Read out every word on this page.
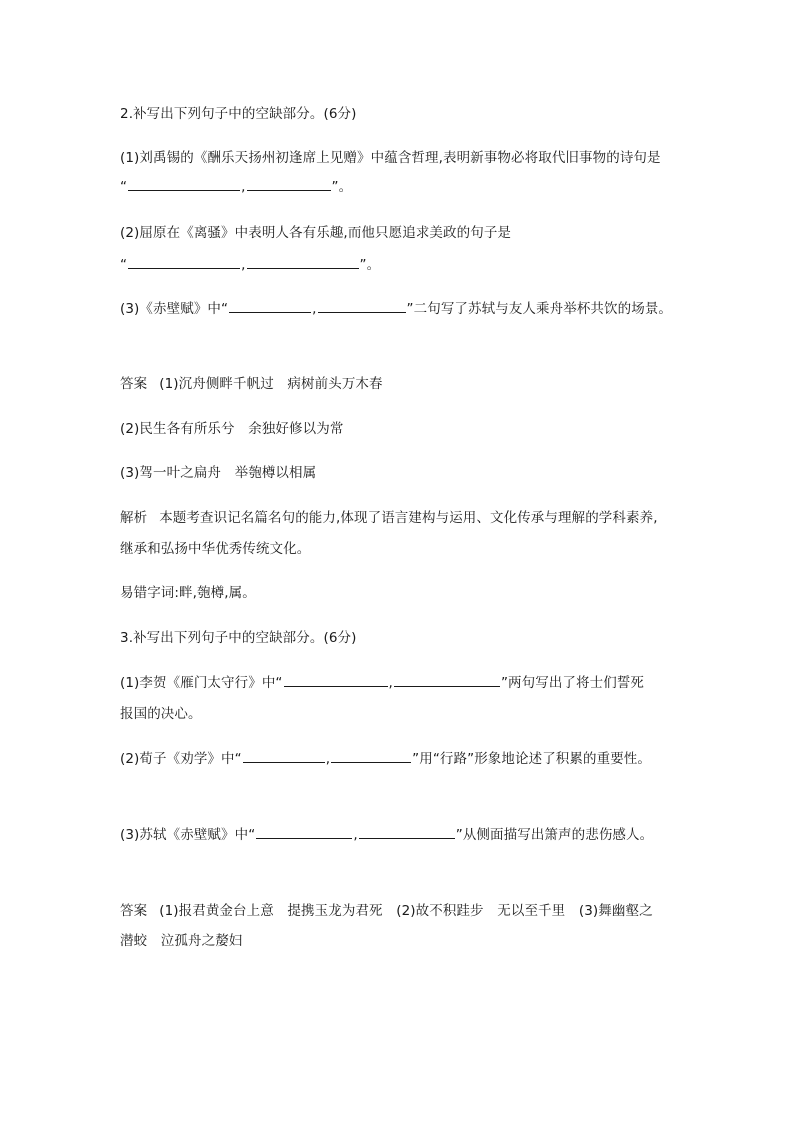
2.补写出下列句子中的空缺部分。(6分)
(1)刘禹锡的《酬乐天扬州初逢席上见赠》中蕴含哲理,表明新事物必将取代旧事物的诗句是
“	,	”。
(2)屈原在《离骚》中表明人各有乐趣,而他只愿追求美政的句子是
“	,	”。
(3)《赤壁赋》中“	,	”二句写了苏轼与友人乘舟举杯共饮的场景。
答案 (1)沉舟侧畔千帆过　病树前头万木春
(2)民生各有所乐兮　余独好修以为常
(3)驾一叶之扁舟　举匏樽以相属
解析 本题考查识记名篇名句的能力,体现了语言建构与运用、文化传承与理解的学科素养,
继承和弘扬中华优秀传统文化。
易错字词:畔,匏樽,属。
3.补写出下列句子中的空缺部分。(6分)
(1)李贺《雁门太守行》中“	,	”两句写出了将士们誓死
报国的决心。
(2)荀子《劝学》中“	,	”用“行路”形象地论述了积累的重要性。
(3)苏轼《赤壁赋》中“	,	”从侧面描写出箫声的悲伤感人。
答案 (1)报君黄金台上意　提携玉龙为君死　(2)故不积跬步　无以至千里　(3)舞幽壑之
潜蛟　泣孤舟之嫠妇
